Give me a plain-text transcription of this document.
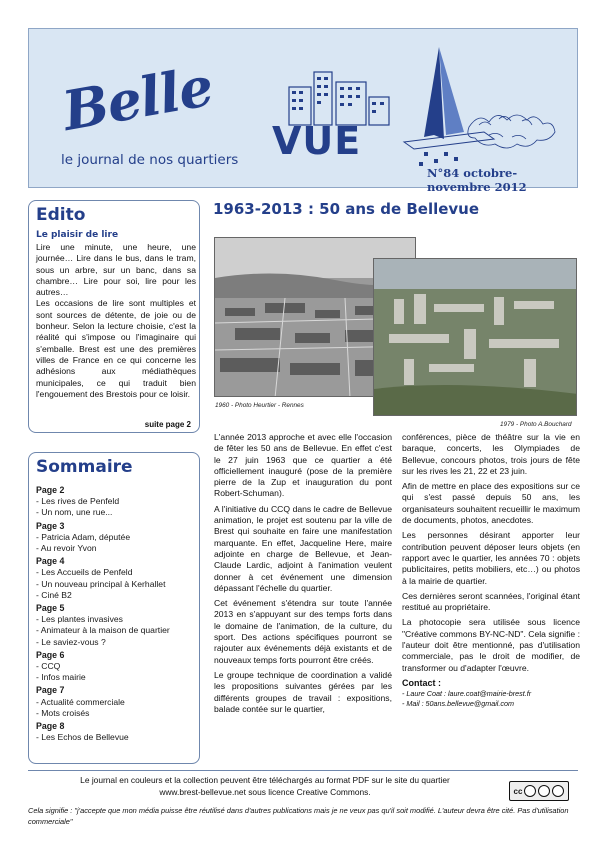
Belle VUE
le journal de nos quartiers
N°84 octobre-novembre 2012
Edito
Le plaisir de lire

Lire une minute, une heure, une journée… Lire dans le bus, dans le tram, sous un arbre, sur un banc, dans sa chambre… Lire pour soi, lire pour les autres…

Les occasions de lire sont multiples et sont sources de détente, de joie ou de bonheur. Selon la lecture choisie, c'est la réalité qui s'impose ou l'imaginaire qui s'emballe. Brest est une des premières villes de France en ce qui concerne les adhésions aux médiathèques municipales, ce qui traduit bien l'engouement des Brestois pour ce loisir.

suite page 2
Sommaire
Page 2
- Les rives de Penfeld
- Un nom, une rue...
Page 3
- Patricia Adam, députée
- Au revoir Yvon
Page 4
- Les Accueils de Penfeld
- Un nouveau principal à Kerhallet
- Ciné B2
Page 5
- Les plantes invasives
- Animateur à la maison de quartier
- Le saviez-vous ?
Page 6
- CCQ
- Infos mairie
Page 7
- Actualité commerciale
- Mots croisés
Page 8
- Les Echos de Bellevue
1963-2013 : 50 ans de Bellevue
1960 - Photo Heurtier - Rennes
1979 - Photo A.Bouchard

L'année 2013 approche et avec elle l'occasion de fêter les 50 ans de Bellevue. En effet c'est le 27 juin 1963 que ce quartier a été officiellement inauguré (pose de la première pierre de la Zup et inauguration du pont Robert-Schuman).

A l'initiative du CCQ dans le cadre de Bellevue animation, le projet est soutenu par la ville de Brest qui souhaite en faire une manifestation marquante. En effet, Jacqueline Here, maire adjointe en charge de Bellevue, et Jean-Claude Lardic, adjoint à l'animation veulent donner à cet événement une dimension dépassant l'échelle du quartier.

Cet événement s'étendra sur toute l'année 2013 en s'appuyant sur des temps forts dans le domaine de l'animation, de la culture, du sport. Des actions spécifiques pourront se rajouter aux événements déjà existants et de nouveaux temps forts pourront être créés.

Le groupe technique de coordination a validé les propositions suivantes gérées par les différents groupes de travail : expositions, balade contée sur le quartier,

conférences, pièce de théâtre sur la vie en baraque, concerts, les Olympiades de Bellevue, concours photos, trois jours de fête sur les rives les 21, 22 et 23 juin.

Afin de mettre en place des expositions sur ce qui s'est passé depuis 50 ans, les organisateurs souhaitent recueillir le maximum de documents, photos, anecdotes.

Les personnes désirant apporter leur contribution peuvent déposer leurs objets (en rapport avec le quartier, les années 70 : objets publicitaires, petits mobiliers, etc…) ou photos à la mairie de quartier.

Ces dernières seront scannées, l'original étant restitué au propriétaire.

La photocopie sera utilisée sous licence "Créative commons BY-NC-ND". Cela signifie : l'auteur doit être mentionné, pas d'utilisation commerciale, pas le droit de modifier, de transformer ou d'adapter l'œuvre.

Contact :
- Laure Coat : laure.coat@mairie-brest.fr
- Mail : 50ans.bellevue@gmail.com
Le journal en couleurs et la collection peuvent être téléchargés au format PDF sur le site du quartier
www.brest-bellevue.net sous licence Creative Commons.	cc
Cela signifie : "j'accepte que mon média puisse être réutilisé dans d'autres publications mais je ne veux pas qu'il soit modifié. L'auteur devra être cité. Pas d'utilisation commerciale"
